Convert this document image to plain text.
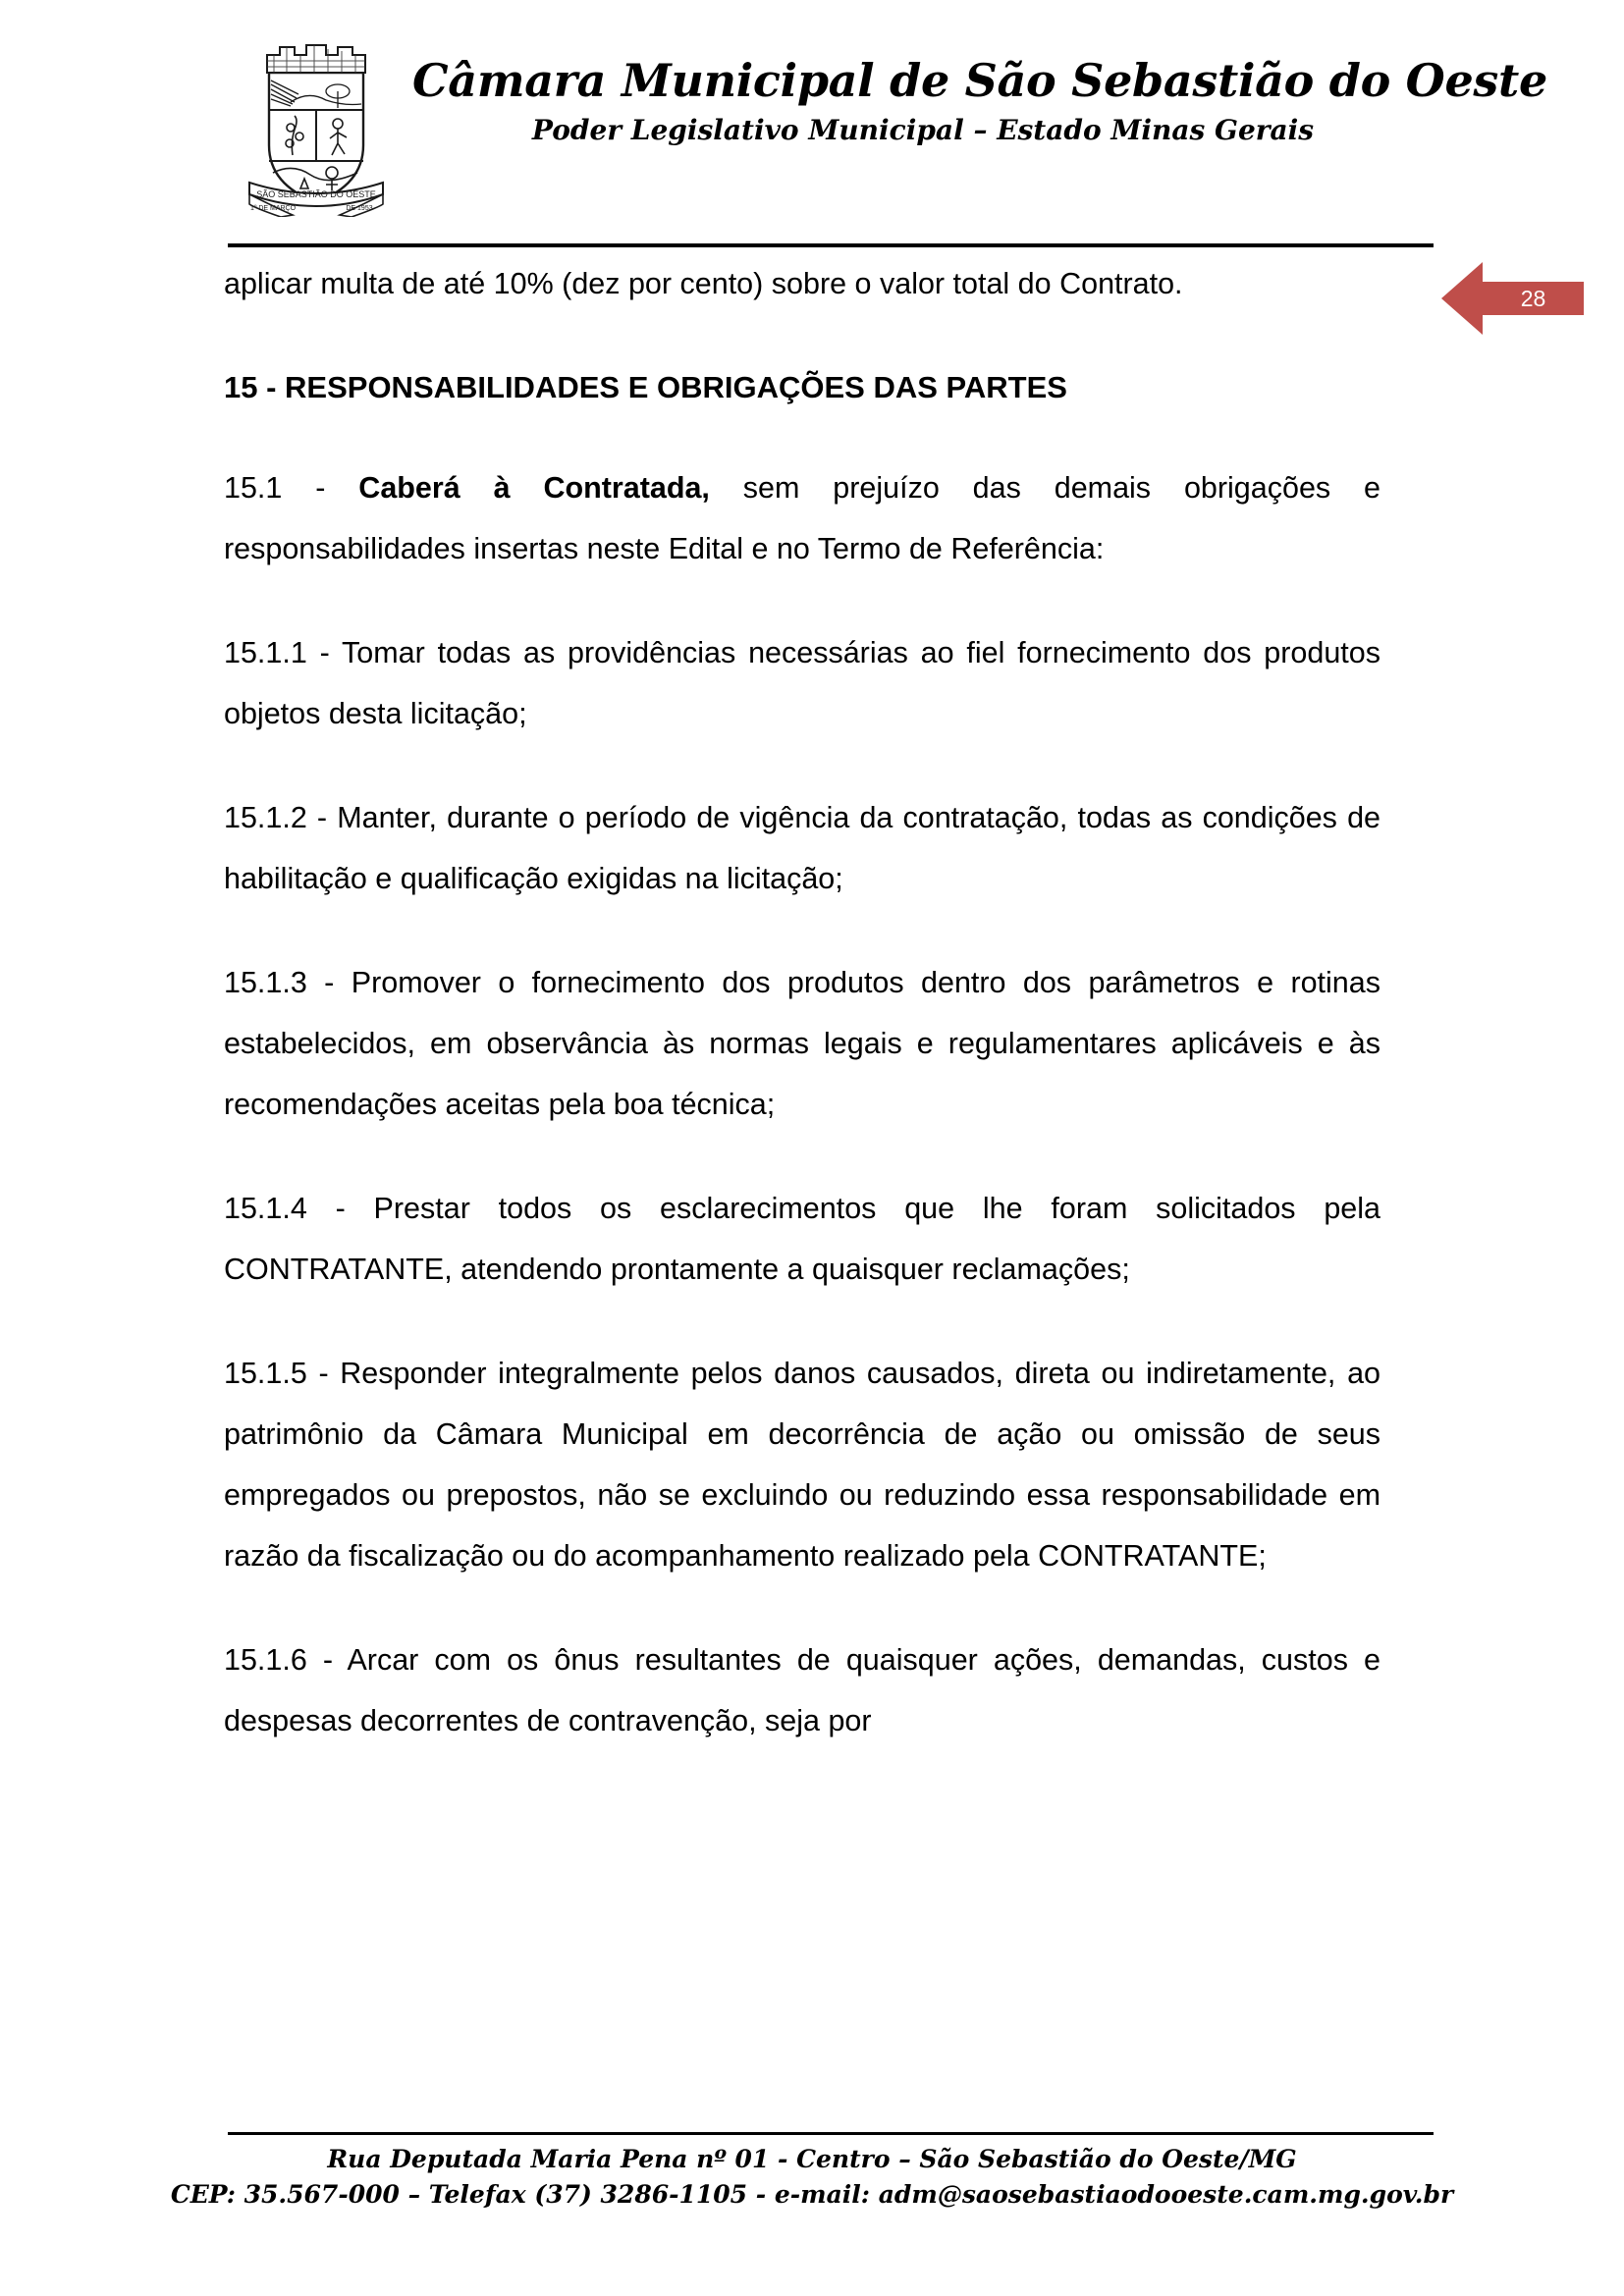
SÃO SEBASTIÃO DO OESTE
1º DE MARÇO	DE 1953
Câmara Municipal de São Sebastião do Oeste
Poder Legislativo Municipal – Estado Minas Gerais
28

aplicar multa de até 10% (dez por cento) sobre o valor total do Contrato.

15 - RESPONSABILIDADES E OBRIGAÇÕES DAS PARTES

15.1 - Caberá à Contratada, sem prejuízo das demais obrigações e responsabilidades insertas neste Edital e no Termo de Referência:

15.1.1 - Tomar todas as providências necessárias ao fiel fornecimento dos produtos objetos desta licitação;

15.1.2 - Manter, durante o período de vigência da contratação, todas as condições de habilitação e qualificação exigidas na licitação;

15.1.3 - Promover o fornecimento dos produtos dentro dos parâmetros e rotinas estabelecidos, em observância às normas legais e regulamentares aplicáveis e às recomendações aceitas pela boa técnica;

15.1.4 - Prestar todos os esclarecimentos que lhe foram solicitados pela CONTRATANTE, atendendo prontamente a quaisquer reclamações;

15.1.5 - Responder integralmente pelos danos causados, direta ou indiretamente, ao patrimônio da Câmara Municipal em decorrência de ação ou omissão de seus empregados ou prepostos, não se excluindo ou reduzindo essa responsabilidade em razão da fiscalização ou do acompanhamento realizado pela CONTRATANTE;

15.1.6 - Arcar com os ônus resultantes de quaisquer ações, demandas, custos e despesas decorrentes de contravenção, seja por

Rua Deputada Maria Pena nº 01 - Centro – São Sebastião do Oeste/MG
CEP: 35.567-000 – Telefax (37) 3286-1105 - e-mail: adm@saosebastiaodooeste.cam.mg.gov.br
